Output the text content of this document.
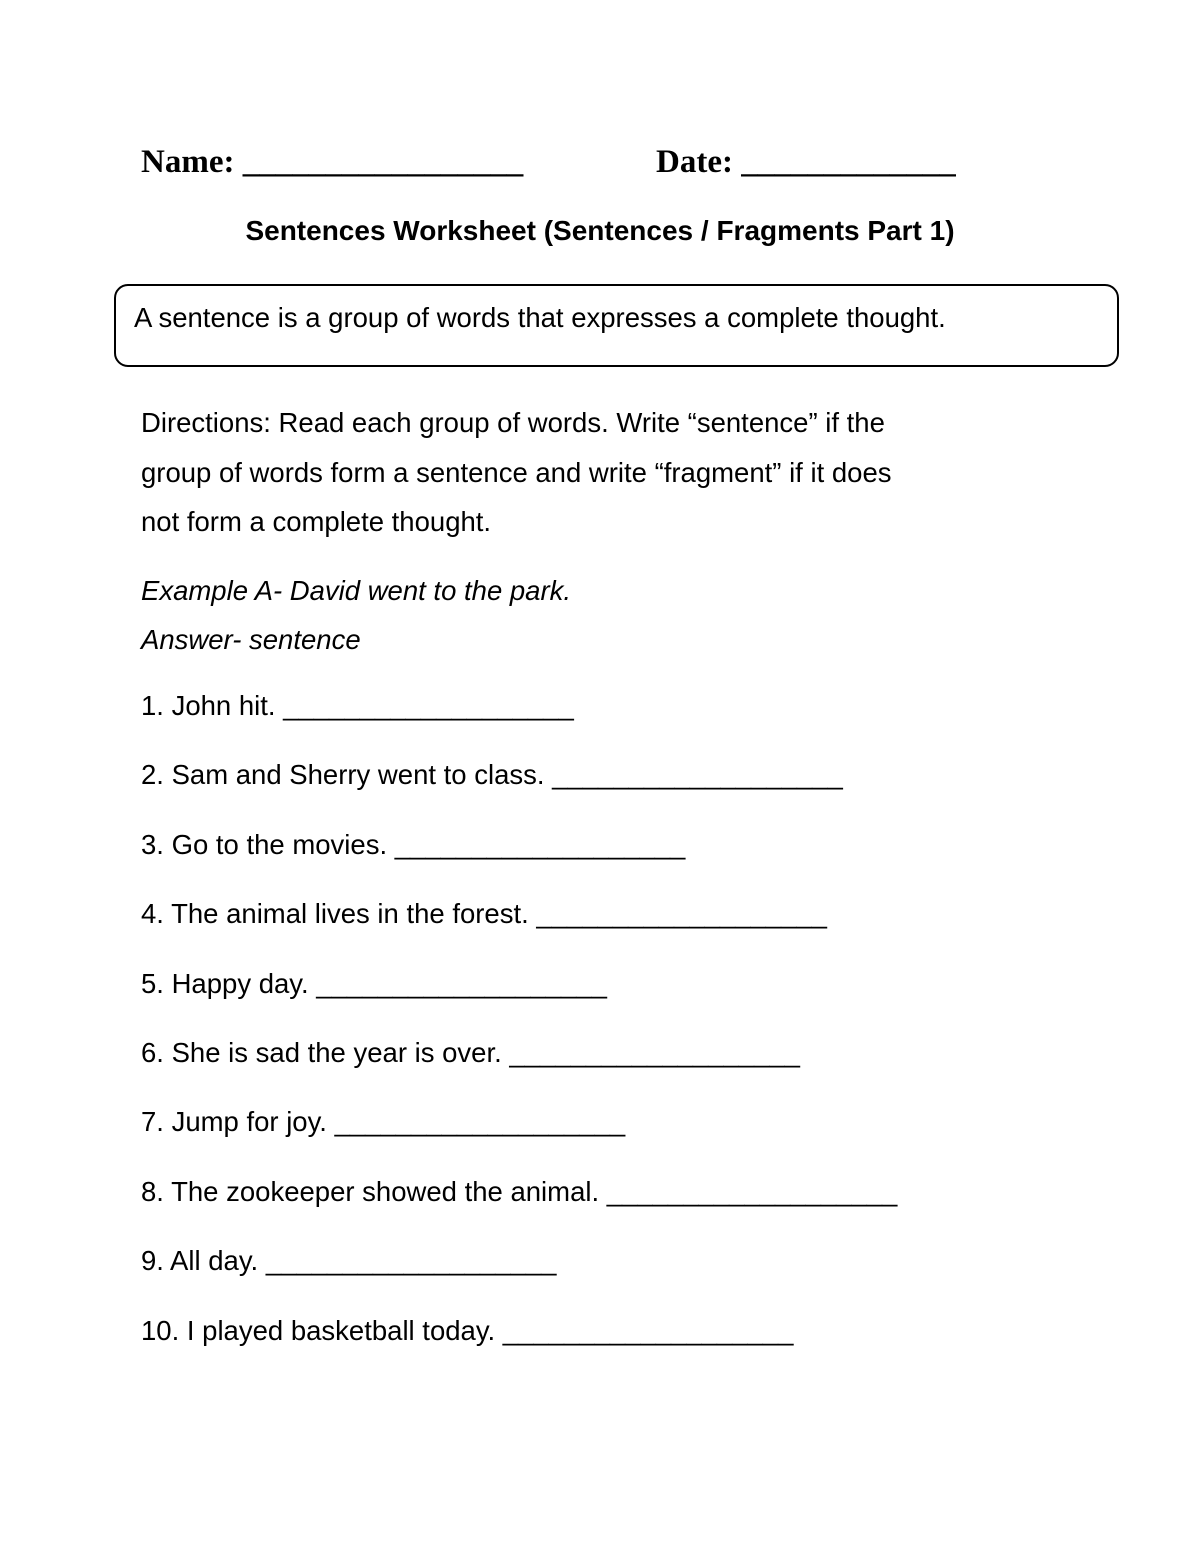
Name: _________________	Date: _____________
Sentences Worksheet (Sentences / Fragments Part 1)
A sentence is a group of words that expresses a complete thought.
Directions: Read each group of words. Write “sentence” if the
group of words form a sentence and write “fragment” if it does
not form a complete thought.
Example A- David went to the park.
Answer- sentence
1. John hit. ___________________
2. Sam and Sherry went to class. ___________________
3. Go to the movies. ___________________
4. The animal lives in the forest. ___________________
5. Happy day. ___________________
6. She is sad the year is over. ___________________
7. Jump for joy. ___________________
8. The zookeeper showed the animal. ___________________
9. All day. ___________________
10. I played basketball today. ___________________
